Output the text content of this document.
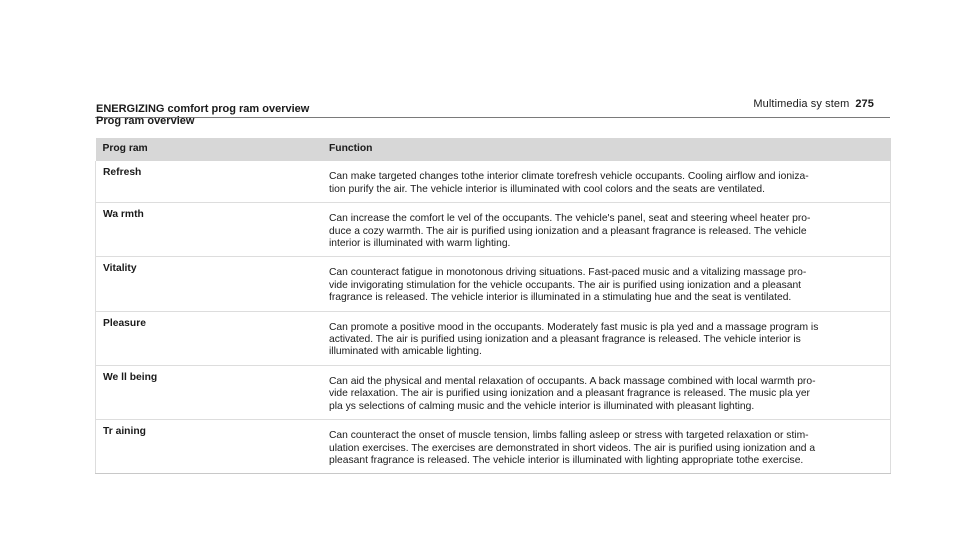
Multimedia sy stem 275
ENERGIZING comfort prog ram overview
Prog ram overview
Prog ram	Function
Refresh	Can make targeted changes tothe interior climate torefresh vehicle occupants. Cooling airflow and ioniza-
tion purify the air. The vehicle interior is illuminated with cool colors and the seats are ventilated.
Wa rmth	Can increase the comfort le vel of the occupants. The vehicle's panel, seat and steering wheel heater pro-
duce a cozy warmth. The air is purified using ionization and a pleasant fragrance is released. The vehicle
interior is illuminated with warm lighting.
Vitality	Can counteract fatigue in monotonous driving situations. Fast-paced music and a vitalizing massage pro-
vide invigorating stimulation for the vehicle occupants. The air is purified using ionization and a pleasant
fragrance is released. The vehicle interior is illuminated in a stimulating hue and the seat is ventilated.
Pleasure	Can promote a positive mood in the occupants. Moderately fast music is pla yed and a massage program is
activated. The air is purified using ionization and a pleasant fragrance is released. The vehicle interior is
illuminated with amicable lighting.
We ll being	Can aid the physical and mental relaxation of occupants. A back massage combined with local warmth pro-
vide relaxation. The air is purified using ionization and a pleasant fragrance is released. The music pla yer
pla ys selections of calming music and the vehicle interior is illuminated with pleasant lighting.
Tr aining	Can counteract the onset of muscle tension, limbs falling asleep or stress with targeted relaxation or stim-
ulation exercises. The exercises are demonstrated in short videos. The air is purified using ionization and a
pleasant fragrance is released. The vehicle interior is illuminated with lighting appropriate tothe exercise.
